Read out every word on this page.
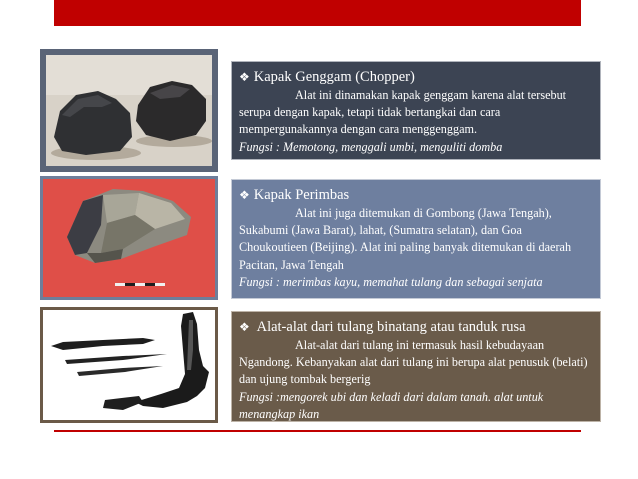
❖ Kapak Genggam (Chopper)
Alat ini dinamakan kapak genggam karena alat tersebut serupa dengan kapak, tetapi tidak bertangkai dan cara mempergunakannya dengan cara menggenggam.
Fungsi : Memotong, menggali umbi, menguliti domba
❖ Kapak Perimbas
Alat ini juga ditemukan di Gombong (Jawa Tengah), Sukabumi (Jawa Barat), lahat, (Sumatra selatan), dan Goa Choukoutieen (Beijing). Alat ini paling banyak ditemukan di daerah Pacitan, Jawa Tengah
Fungsi : merimbas kayu, memahat tulang dan sebagai senjata
❖ Alat-alat dari tulang binatang atau tanduk rusa
Alat-alat dari tulang ini termasuk hasil kebudayaan Ngandong. Kebanyakan alat dari tulang ini berupa alat penusuk (belati) dan ujung tombak bergerig
Fungsi :mengorek ubi dan keladi dari dalam tanah. alat untuk menangkap ikan
